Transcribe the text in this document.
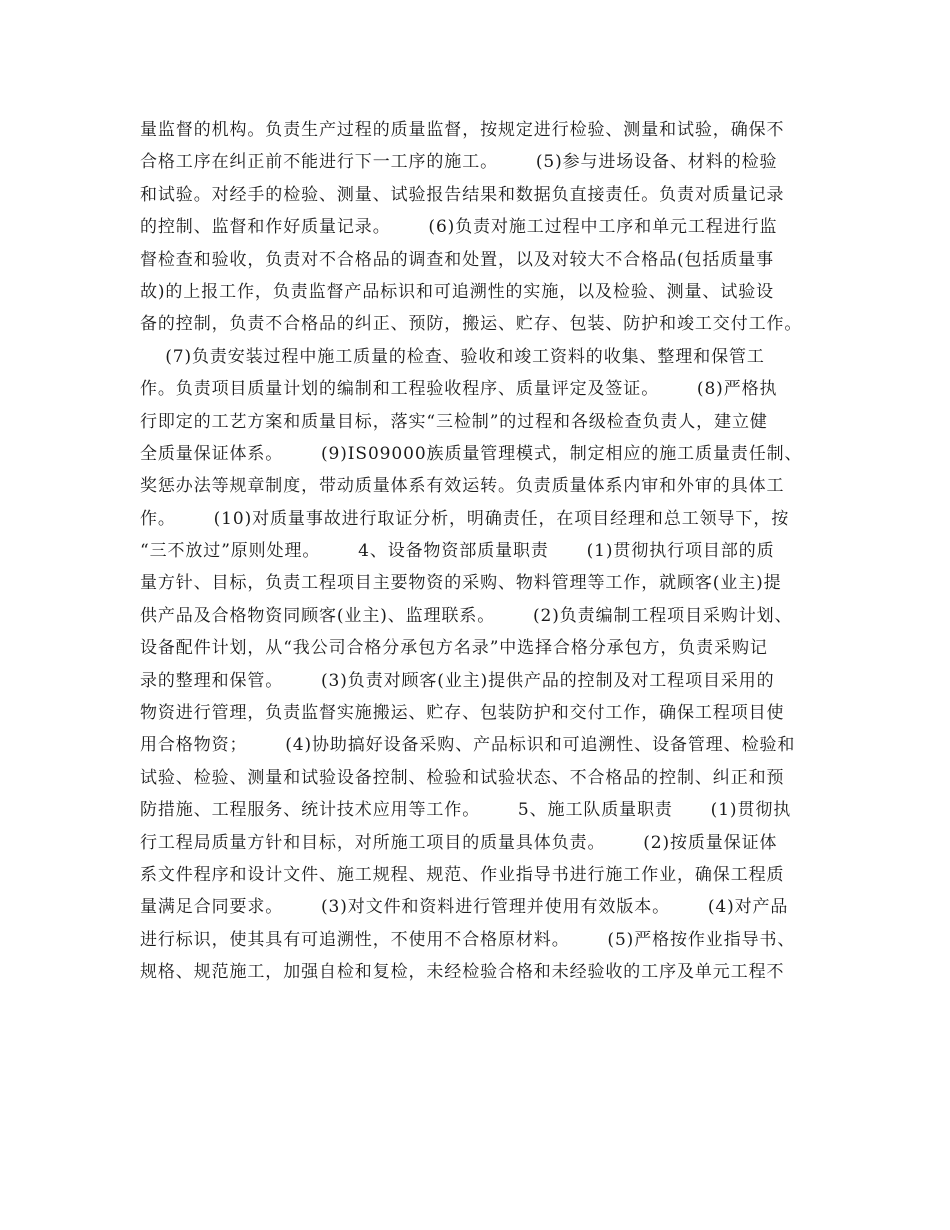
量监督的机构。负责生产过程的质量监督，按规定进行检验、测量和试验，确保不
合格工序在纠正前不能进行下一工序的施工。      (5)参与进场设备、材料的检验
和试验。对经手的检验、测量、试验报告结果和数据负直接责任。负责对质量记录
的控制、监督和作好质量记录。      (6)负责对施工过程中工序和单元工程进行监
督检查和验收，负责对不合格品的调查和处置，以及对较大不合格品(包括质量事
故)的上报工作，负责监督产品标识和可追溯性的实施，以及检验、测量、试验设
备的控制，负责不合格品的纠正、预防，搬运、贮存、包装、防护和竣工交付工作。
(7)负责安装过程中施工质量的检查、验收和竣工资料的收集、整理和保管工
作。负责项目质量计划的编制和工程验收程序、质量评定及签证。      (8)严格执
行即定的工艺方案和质量目标，落实“三检制”的过程和各级检查负责人，建立健
全质量保证体系。      (9)IS09000族质量管理模式，制定相应的施工质量责任制、
奖惩办法等规章制度，带动质量体系有效运转。负责质量体系内审和外审的具体工
作。      (10)对质量事故进行取证分析，明确责任，在项目经理和总工领导下，按
“三不放过”原则处理。      4、设备物资部质量职责      (1)贯彻执行项目部的质
量方针、目标，负责工程项目主要物资的采购、物料管理等工作，就顾客(业主)提
供产品及合格物资同顾客(业主)、监理联系。      (2)负责编制工程项目采购计划、
设备配件计划，从“我公司合格分承包方名录”中选择合格分承包方，负责采购记
录的整理和保管。      (3)负责对顾客(业主)提供产品的控制及对工程项目采用的
物资进行管理，负责监督实施搬运、贮存、包装防护和交付工作，确保工程项目使
用合格物资；      (4)协助搞好设备采购、产品标识和可追溯性、设备管理、检验和
试验、检验、测量和试验设备控制、检验和试验状态、不合格品的控制、纠正和预
防措施、工程服务、统计技术应用等工作。      5、施工队质量职责      (1)贯彻执
行工程局质量方针和目标，对所施工项目的质量具体负责。      (2)按质量保证体
系文件程序和设计文件、施工规程、规范、作业指导书进行施工作业，确保工程质
量满足合同要求。      (3)对文件和资料进行管理并使用有效版本。      (4)对产品
进行标识，使其具有可追溯性，不使用不合格原材料。      (5)严格按作业指导书、
规格、规范施工，加强自检和复检，未经检验合格和未经验收的工序及单元工程不
